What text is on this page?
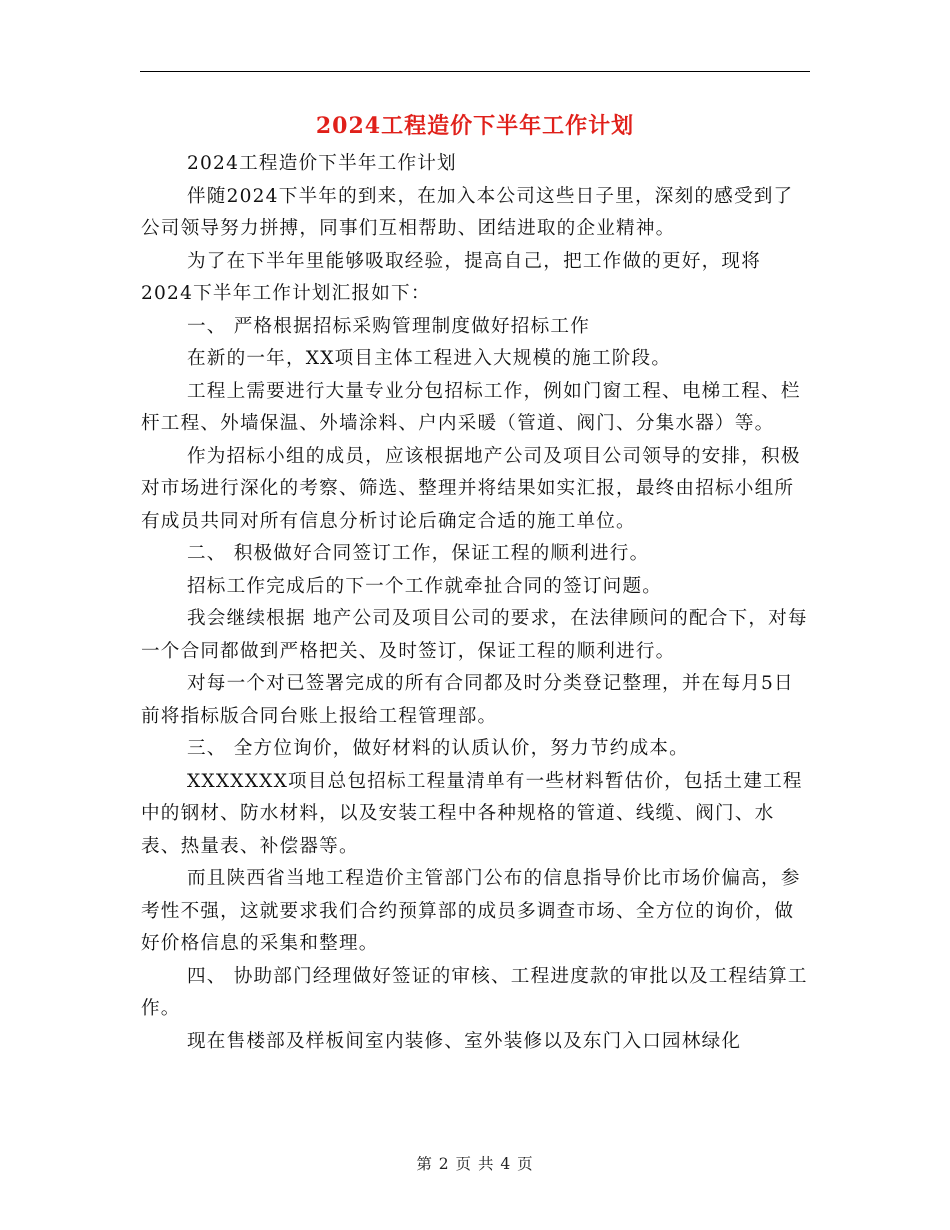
2024工程造价下半年工作计划

2024工程造价下半年工作计划

伴随2024下半年的到来，在加入本公司这些日子里，深刻的感受到了公司领导努力拼搏，同事们互相帮助、团结进取的企业精神。

为了在下半年里能够吸取经验，提高自己，把工作做的更好，现将2024下半年工作计划汇报如下：

一、 严格根据招标采购管理制度做好招标工作

在新的一年，XX项目主体工程进入大规模的施工阶段。

工程上需要进行大量专业分包招标工作，例如门窗工程、电梯工程、栏杆工程、外墙保温、外墙涂料、户内采暖（管道、阀门、分集水器）等。

作为招标小组的成员，应该根据地产公司及项目公司领导的安排，积极对市场进行深化的考察、筛选、整理并将结果如实汇报，最终由招标小组所有成员共同对所有信息分析讨论后确定合适的施工单位。

二、 积极做好合同签订工作，保证工程的顺利进行。

招标工作完成后的下一个工作就牵扯合同的签订问题。

我会继续根据 地产公司及项目公司的要求，在法律顾问的配合下，对每一个合同都做到严格把关、及时签订，保证工程的顺利进行。

对每一个对已签署完成的所有合同都及时分类登记整理，并在每月5日前将指标版合同台账上报给工程管理部。

三、 全方位询价，做好材料的认质认价，努力节约成本。

XXXXXXX项目总包招标工程量清单有一些材料暂估价，包括土建工程 中的钢材、防水材料，以及安装工程中各种规格的管道、线缆、阀门、水表、热量表、补偿器等。

而且陕西省当地工程造价主管部门公布的信息指导价比市场价偏高，参考性不强，这就要求我们合约预算部的成员多调查市场、全方位的询价，做好价格信息的采集和整理。

四、 协助部门经理做好签证的审核、工程进度款的审批以及工程结算工作。

现在售楼部及样板间室内装修、室外装修以及东门入口园林绿化

第 2 页 共 4 页
